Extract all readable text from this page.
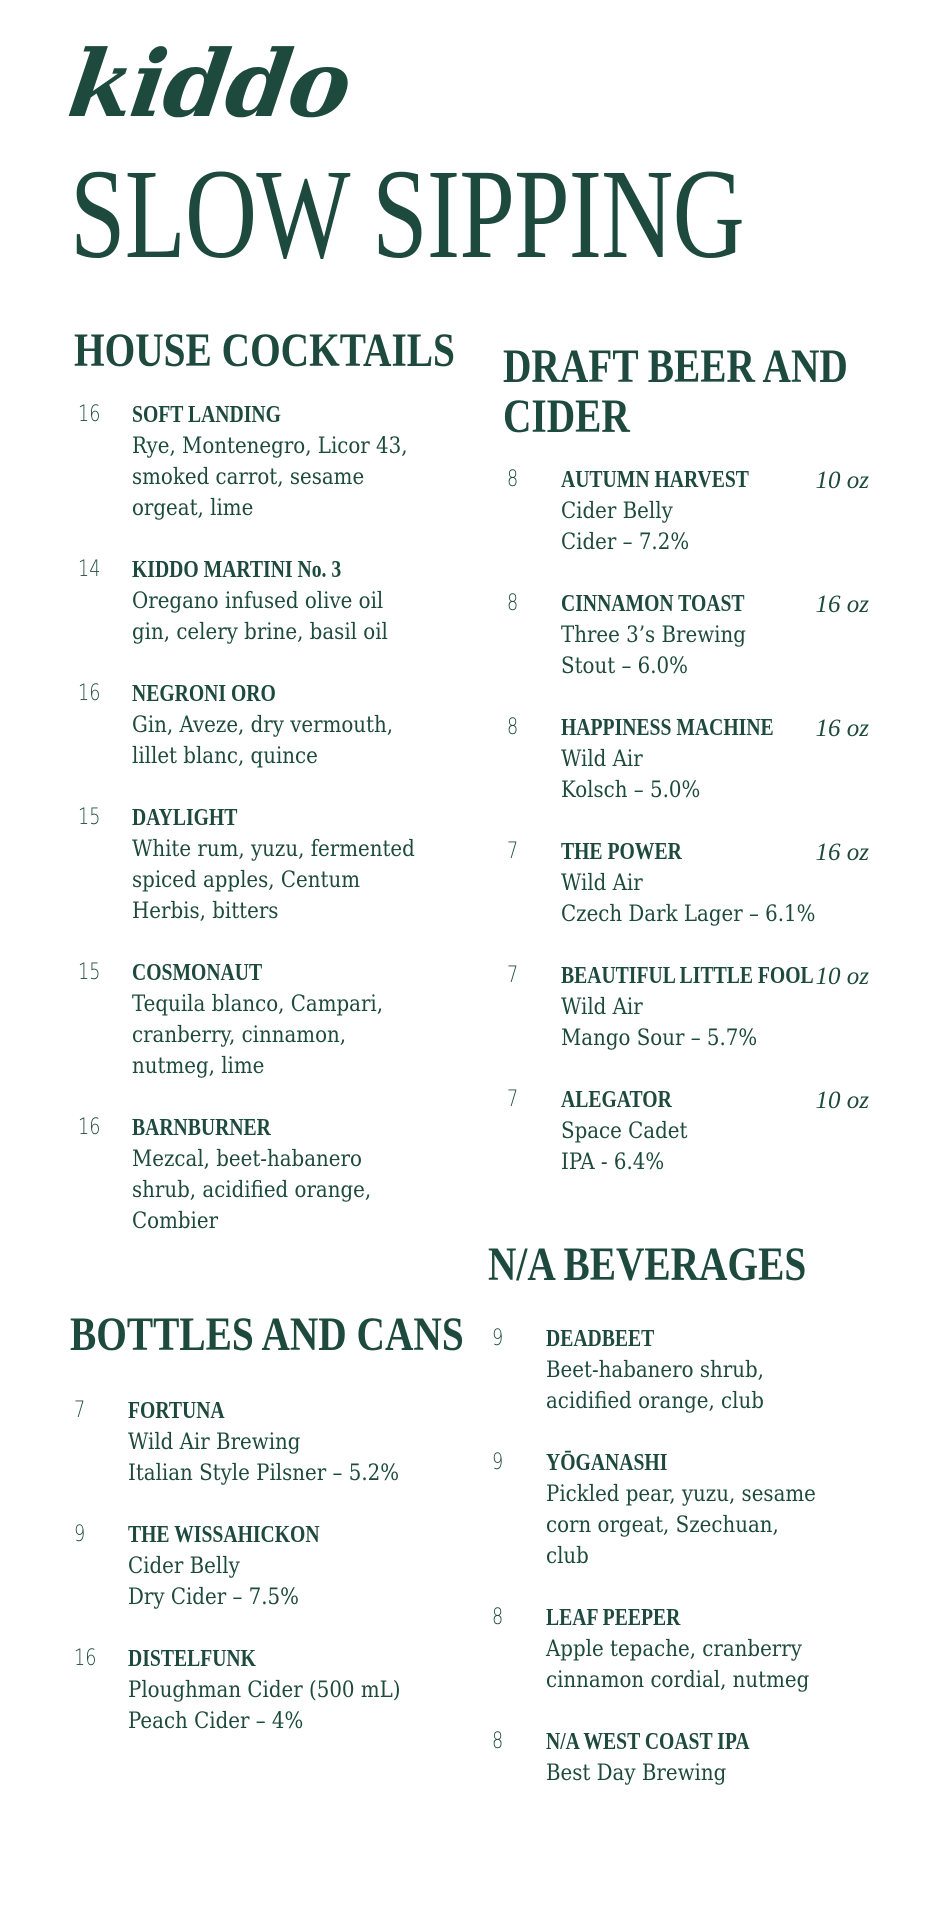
kiddo
SLOW SIPPING
HOUSE COCKTAILS
16 SOFT LANDING
Rye, Montenegro, Licor 43,
smoked carrot, sesame
orgeat, lime
14 KIDDO MARTINI No. 3
Oregano infused olive oil
gin, celery brine, basil oil
16 NEGRONI ORO
Gin, Aveze, dry vermouth,
lillet blanc, quince
15 DAYLIGHT
White rum, yuzu, fermented
spiced apples, Centum
Herbis, bitters
15 COSMONAUT
Tequila blanco, Campari,
cranberry, cinnamon,
nutmeg, lime
16 BARNBURNER
Mezcal, beet-habanero
shrub, acidified orange,
Combier
DRAFT BEER AND
CIDER
8	10 oz
AUTUMN HARVEST
Cider Belly
Cider – 7.2%
8	16 oz
CINNAMON TOAST
Three 3’s Brewing
Stout – 6.0%
8	16 oz
HAPPINESS MACHINE
Wild Air
Kolsch – 5.0%
7	16 oz
THE POWER
Wild Air
Czech Dark Lager – 6.1%
7	10 oz
BEAUTIFUL LITTLE FOOL
Wild Air
Mango Sour – 5.7%
7	10 oz
ALEGATOR
Space Cadet
IPA - 6.4%
N/A BEVERAGES
9 DEADBEET
Beet-habanero shrub,
acidified orange, club
9 YŌGANASHI
Pickled pear, yuzu, sesame
corn orgeat, Szechuan,
club
8 LEAF PEEPER
Apple tepache, cranberry
cinnamon cordial, nutmeg
8 N/A WEST COAST IPA
Best Day Brewing
BOTTLES AND CANS
7 FORTUNA
Wild Air Brewing
Italian Style Pilsner – 5.2%
9 THE WISSAHICKON
Cider Belly
Dry Cider – 7.5%
16 DISTELFUNK
Ploughman Cider (500 mL)
Peach Cider – 4%
